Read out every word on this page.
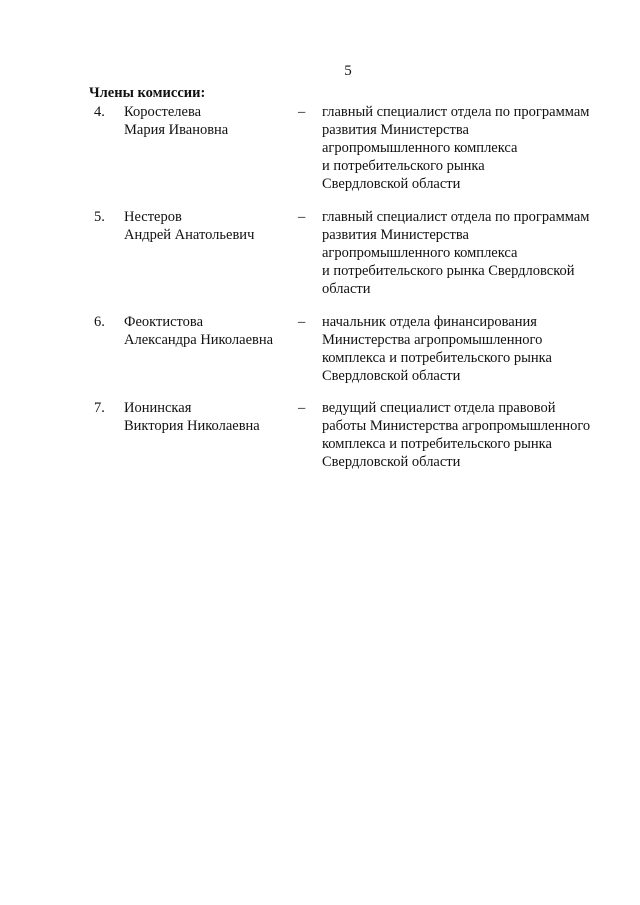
5
Члены комиссии:
4.	Коростелева
Мария Ивановна
–	главный специалист отдела по программам
развития Министерства
агропромышленного комплекса
и потребительского рынка
Свердловской области
5.	Нестеров
Андрей Анатольевич
–	главный специалист отдела по программам
развития Министерства
агропромышленного комплекса
и потребительского рынка Свердловской
области
6.	Феоктистова
Александра Николаевна
–	начальник отдела финансирования
Министерства агропромышленного
комплекса и потребительского рынка
Свердловской области
7.	Ионинская
Виктория Николаевна
–	ведущий специалист отдела правовой
работы Министерства агропромышленного
комплекса и потребительского рынка
Свердловской области
